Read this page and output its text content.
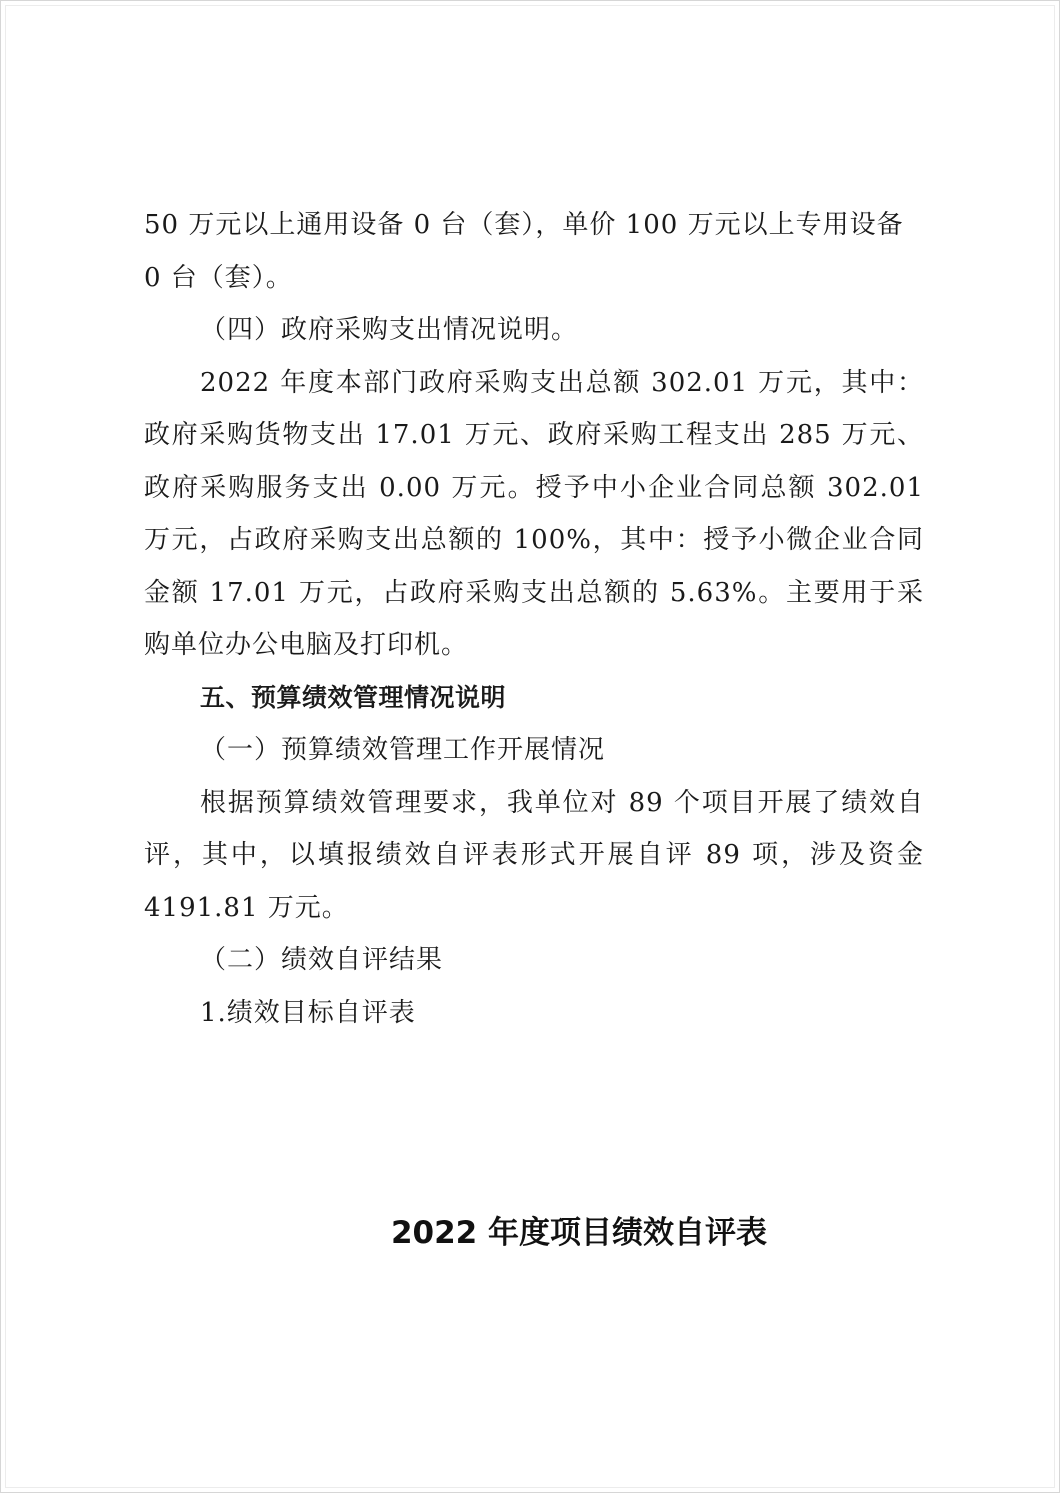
50 万元以上通用设备 0 台（套），单价 100 万元以上专用设备 0 台（套）。

（四）政府采购支出情况说明。

2022 年度本部门政府采购支出总额 302.01 万元，其中：政府采购货物支出 17.01 万元、政府采购工程支出 285 万元、政府采购服务支出 0.00 万元。授予中小企业合同总额 302.01 万元，占政府采购支出总额的 100%，其中：授予小微企业合同金额 17.01 万元，占政府采购支出总额的 5.63%。主要用于采购单位办公电脑及打印机。

五、预算绩效管理情况说明

（一）预算绩效管理工作开展情况

根据预算绩效管理要求，我单位对 89 个项目开展了绩效自评，其中，以填报绩效自评表形式开展自评 89 项，涉及资金 4191.81 万元。

（二）绩效自评结果

1.绩效目标自评表

2022 年度项目绩效自评表
